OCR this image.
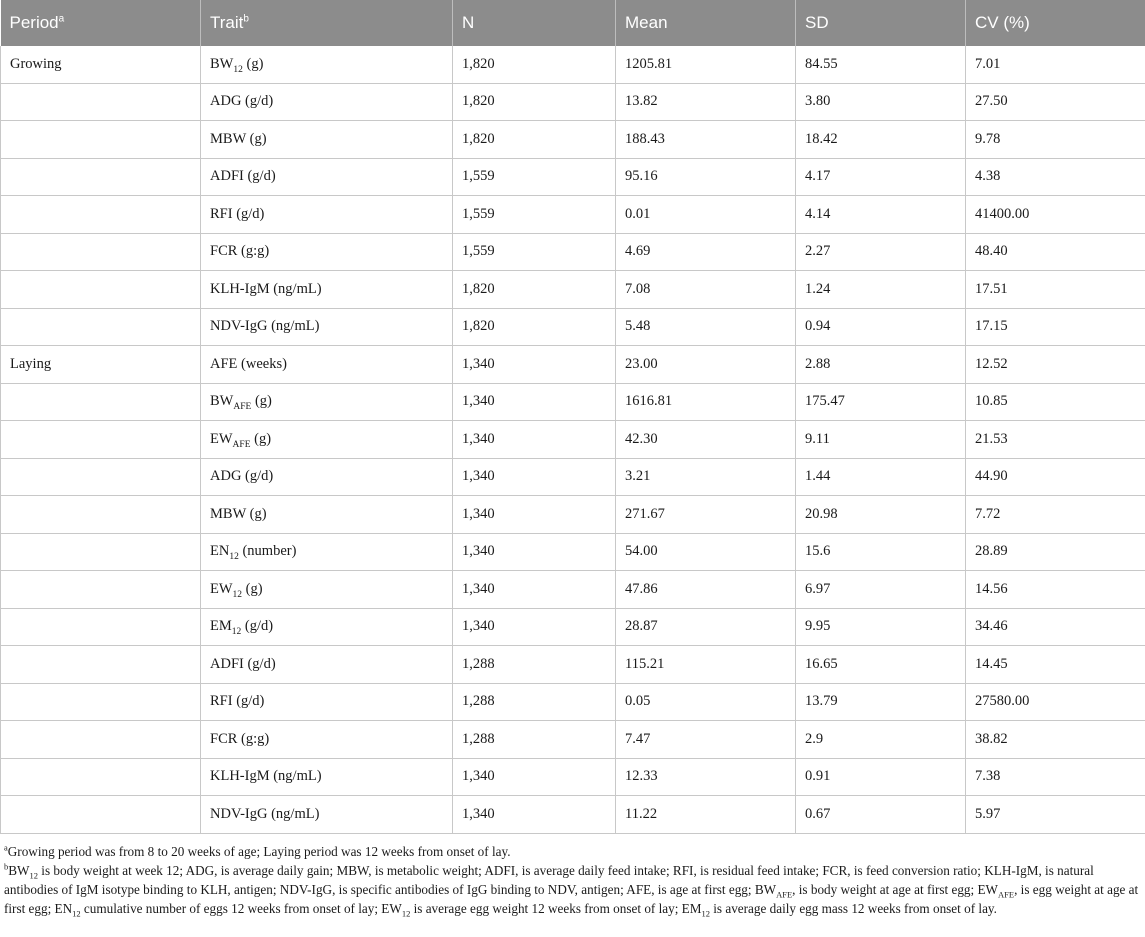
Period$^a$	Trait$^b$	N	Mean	SD	CV (%)
Growing	$BW_{12}$ (g)	1,820	1205.81	84.55	7.01
	ADG (g/d)	1,820	13.82	3.80	27.50
	MBW (g)	1,820	188.43	18.42	9.78
	ADFI (g/d)	1,559	95.16	4.17	4.38
	RFI (g/d)	1,559	0.01	4.14	41400.00
	FCR (g:g)	1,559	4.69	2.27	48.40
	KLH-IgM (ng/mL)	1,820	7.08	1.24	17.51
	NDV-IgG (ng/mL)	1,820	5.48	0.94	17.15
Laying	AFE (weeks)	1,340	23.00	2.88	12.52
	$BW_{AFE}$ (g)	1,340	1616.81	175.47	10.85
	$EW_{AFE}$ (g)	1,340	42.30	9.11	21.53
	ADG (g/d)	1,340	3.21	1.44	44.90
	MBW (g)	1,340	271.67	20.98	7.72
	$EN_{12}$ (number)	1,340	54.00	15.6	28.89
	$EW_{12}$ (g)	1,340	47.86	6.97	14.56
	$EM_{12}$ (g/d)	1,340	28.87	9.95	34.46
	ADFI (g/d)	1,288	115.21	16.65	14.45
	RFI (g/d)	1,288	0.05	13.79	27580.00
	FCR (g:g)	1,288	7.47	2.9	38.82
	KLH-IgM (ng/mL)	1,340	12.33	0.91	7.38
	NDV-IgG (ng/mL)	1,340	11.22	0.67	5.97

$^a$Growing period was from 8 to 20 weeks of age; Laying period was 12 weeks from onset of lay.

$^bBW_{12}$ is body weight at week 12; ADG, is average daily gain; MBW, is metabolic weight; ADFI, is average daily feed intake; RFI, is residual feed intake; FCR, is feed conversion ratio; KLH-IgM, is natural antibodies of IgM isotype binding to KLH, antigen; NDV-IgG, is specific antibodies of IgG binding to NDV, antigen; AFE, is age at first egg; $BW_{AFE}$, is body weight at age at first egg; $EW_{AFE}$, is egg weight at age at first egg; $EN_{12}$ cumulative number of eggs 12 weeks from onset of lay; $EW_{12}$ is average egg weight 12 weeks from onset of lay; $EM_{12}$ is average daily egg mass 12 weeks from onset of lay.
